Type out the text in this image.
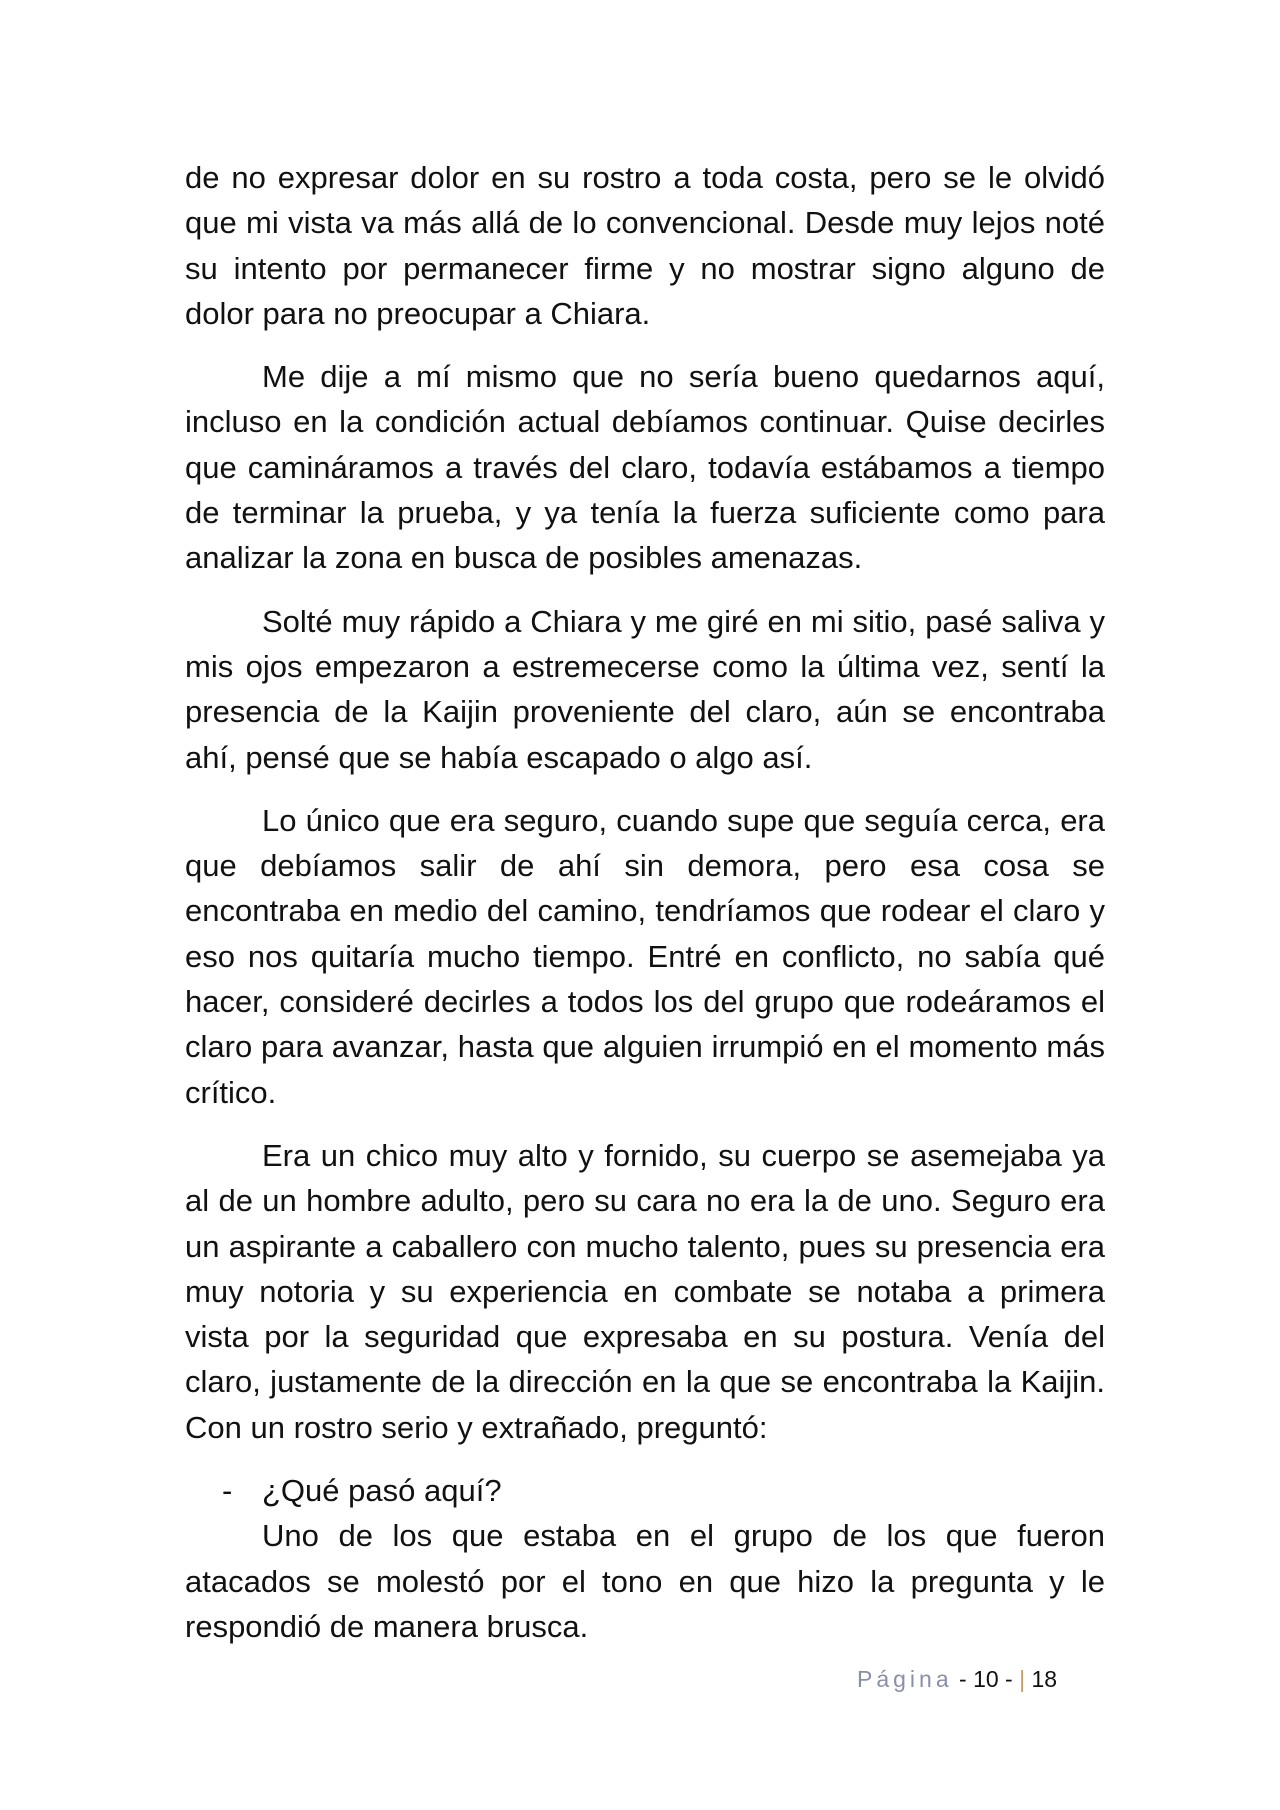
de no expresar dolor en su rostro a toda costa, pero se le olvidó que mi vista va más allá de lo convencional. Desde muy lejos noté su intento por permanecer firme y no mostrar signo alguno de dolor para no preocupar a Chiara.

Me dije a mí mismo que no sería bueno quedarnos aquí, incluso en la condición actual debíamos continuar. Quise decirles que camináramos a través del claro, todavía estábamos a tiempo de terminar la prueba, y ya tenía la fuerza suficiente como para analizar la zona en busca de posibles amenazas.

Solté muy rápido a Chiara y me giré en mi sitio, pasé saliva y mis ojos empezaron a estremecerse como la última vez, sentí la presencia de la Kaijin proveniente del claro, aún se encontraba ahí, pensé que se había escapado o algo así.

Lo único que era seguro, cuando supe que seguía cerca, era que debíamos salir de ahí sin demora, pero esa cosa se encontraba en medio del camino, tendríamos que rodear el claro y eso nos quitaría mucho tiempo. Entré en conflicto, no sabía qué hacer, consideré decirles a todos los del grupo que rodeáramos el claro para avanzar, hasta que alguien irrumpió en el momento más crítico.

Era un chico muy alto y fornido, su cuerpo se asemejaba ya al de un hombre adulto, pero su cara no era la de uno. Seguro era un aspirante a caballero con mucho talento, pues su presencia era muy notoria y su experiencia en combate se notaba a primera vista por la seguridad que expresaba en su postura. Venía del claro, justamente de la dirección en la que se encontraba la Kaijin. Con un rostro serio y extrañado, preguntó:

- ¿Qué pasó aquí?

Uno de los que estaba en el grupo de los que fueron atacados se molestó por el tono en que hizo la pregunta y le respondió de manera brusca.

Página - 10 - | 18
